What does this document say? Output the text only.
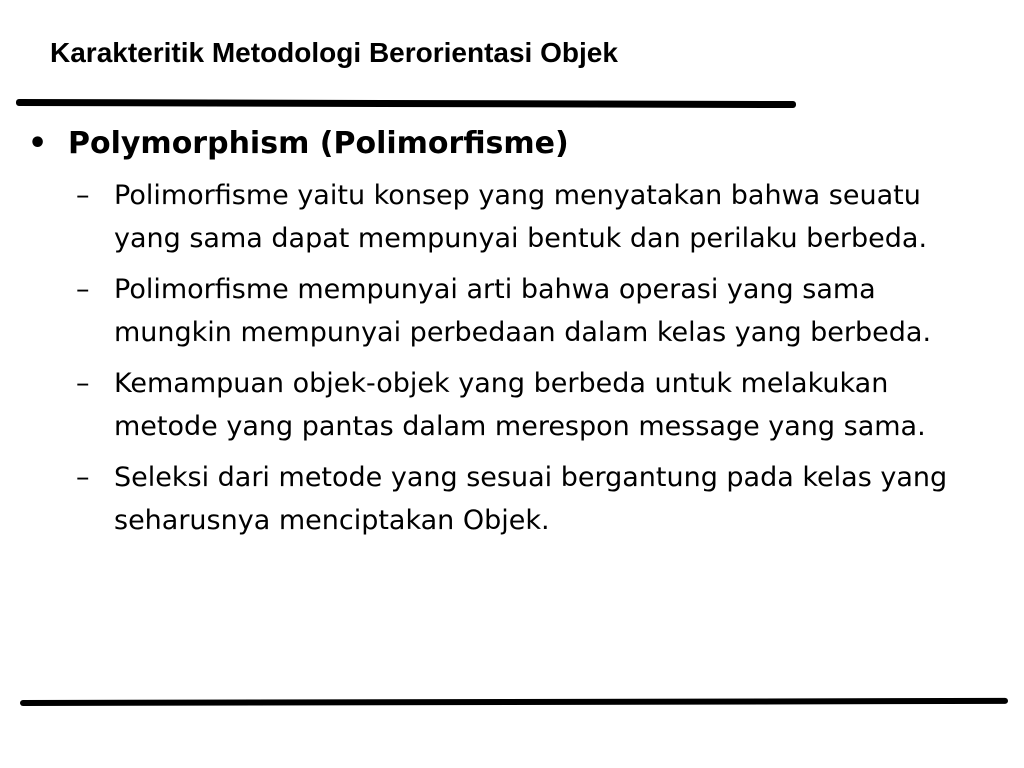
Karakteritik Metodologi Berorientasi Objek
• Polymorphism (Polimorfisme)
– Polimorfisme yaitu konsep yang menyatakan bahwa seuatu yang sama dapat mempunyai bentuk dan perilaku berbeda.
– Polimorfisme mempunyai arti bahwa operasi yang sama mungkin mempunyai perbedaan dalam kelas yang berbeda.
– Kemampuan objek-objek yang berbeda untuk melakukan metode yang pantas dalam merespon message yang sama.
– Seleksi dari metode yang sesuai bergantung pada kelas yang seharusnya menciptakan Objek.
